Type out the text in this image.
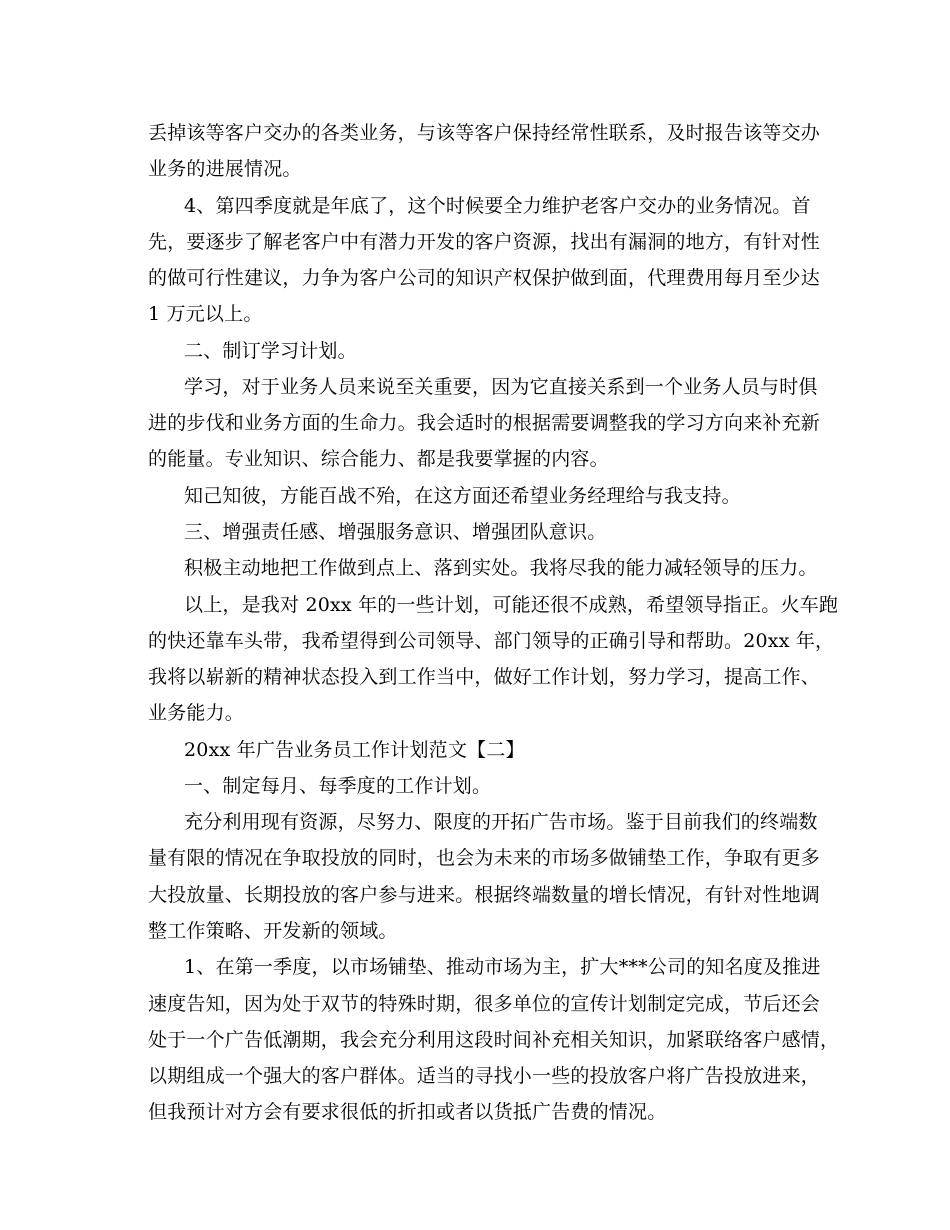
丢掉该等客户交办的各类业务，与该等客户保持经常性联系，及时报告该等交办
业务的进展情况。
4、第四季度就是年底了，这个时候要全力维护老客户交办的业务情况。首
先，要逐步了解老客户中有潜力开发的客户资源，找出有漏洞的地方，有针对性
的做可行性建议，力争为客户公司的知识产权保护做到面，代理费用每月至少达
1 万元以上。
二、制订学习计划。
学习，对于业务人员来说至关重要，因为它直接关系到一个业务人员与时俱
进的步伐和业务方面的生命力。我会适时的根据需要调整我的学习方向来补充新
的能量。专业知识、综合能力、都是我要掌握的内容。
知己知彼，方能百战不殆，在这方面还希望业务经理给与我支持。
三、增强责任感、增强服务意识、增强团队意识。
积极主动地把工作做到点上、落到实处。我将尽我的能力减轻领导的压力。
以上，是我对 20xx 年的一些计划，可能还很不成熟，希望领导指正。火车跑
的快还靠车头带，我希望得到公司领导、部门领导的正确引导和帮助。20xx 年，
我将以崭新的精神状态投入到工作当中，做好工作计划，努力学习，提高工作、
业务能力。
20xx 年广告业务员工作计划范文【二】
一、制定每月、每季度的工作计划。
充分利用现有资源，尽努力、限度的开拓广告市场。鉴于目前我们的终端数
量有限的情况在争取投放的同时，也会为未来的市场多做铺垫工作，争取有更多
大投放量、长期投放的客户参与进来。根据终端数量的增长情况，有针对性地调
整工作策略、开发新的领域。
1、在第一季度，以市场铺垫、推动市场为主，扩大***公司的知名度及推进
速度告知，因为处于双节的特殊时期，很多单位的宣传计划制定完成，节后还会
处于一个广告低潮期，我会充分利用这段时间补充相关知识，加紧联络客户感情，
以期组成一个强大的客户群体。适当的寻找小一些的投放客户将广告投放进来，
但我预计对方会有要求很低的折扣或者以货抵广告费的情况。
